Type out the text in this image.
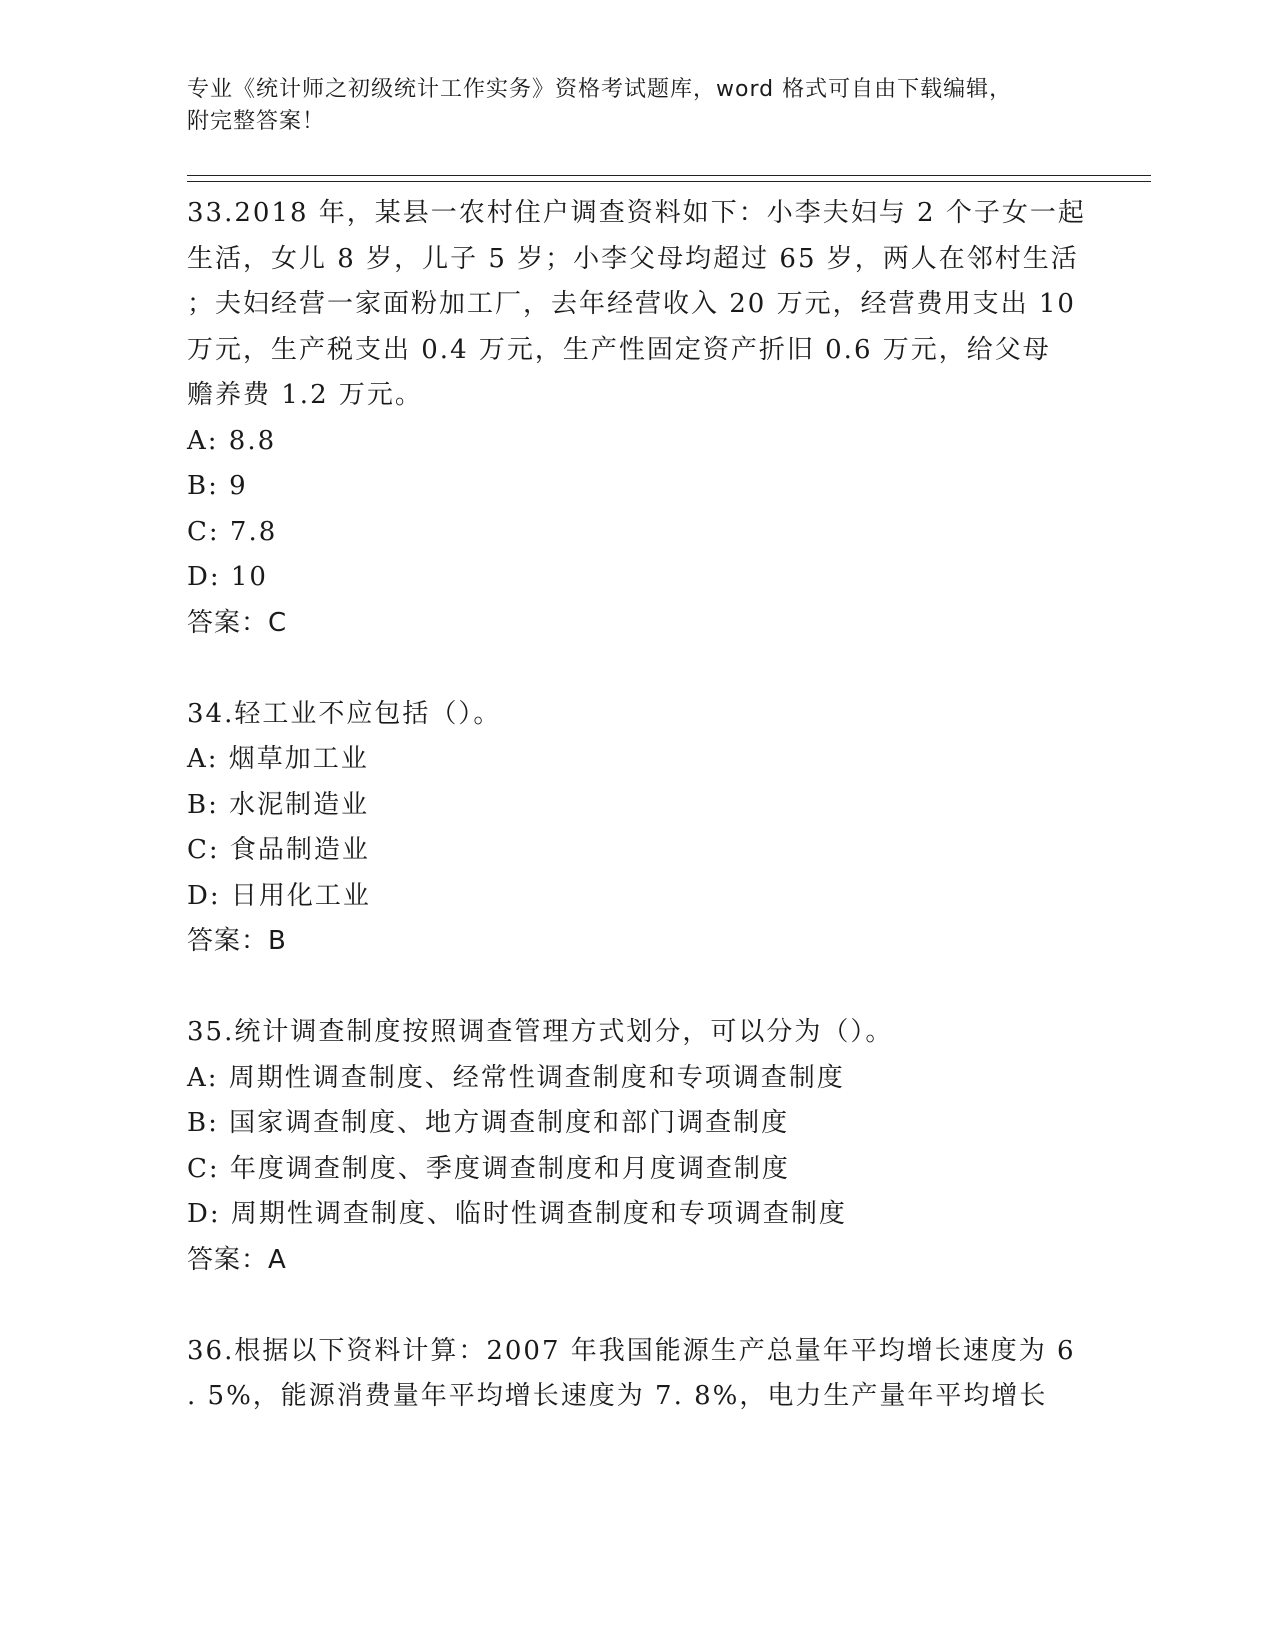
专业《统计师之初级统计工作实务》资格考试题库，word 格式可自由下载编辑，
附完整答案！
33.2018 年，某县一农村住户调查资料如下：小李夫妇与 2 个子女一起
生活，女儿 8 岁，儿子 5 岁；小李父母均超过 65 岁，两人在邻村生活
；夫妇经营一家面粉加工厂，去年经营收入 20 万元，经营费用支出 10
万元，生产税支出 0.4 万元，生产性固定资产折旧 0.6 万元，给父母
赡养费 1.2 万元。
A: 8.8
B: 9
C: 7.8
D: 10
答案：C
34.轻工业不应包括（）。
A: 烟草加工业
B: 水泥制造业
C: 食品制造业
D: 日用化工业
答案：B
35.统计调查制度按照调查管理方式划分，可以分为（）。
A: 周期性调查制度、经常性调查制度和专项调查制度
B: 国家调查制度、地方调查制度和部门调查制度
C: 年度调查制度、季度调查制度和月度调查制度
D: 周期性调查制度、临时性调查制度和专项调查制度
答案：A
36.根据以下资料计算：2007 年我国能源生产总量年平均增长速度为 6
. 5%，能源消费量年平均增长速度为 7. 8%，电力生产量年平均增长
